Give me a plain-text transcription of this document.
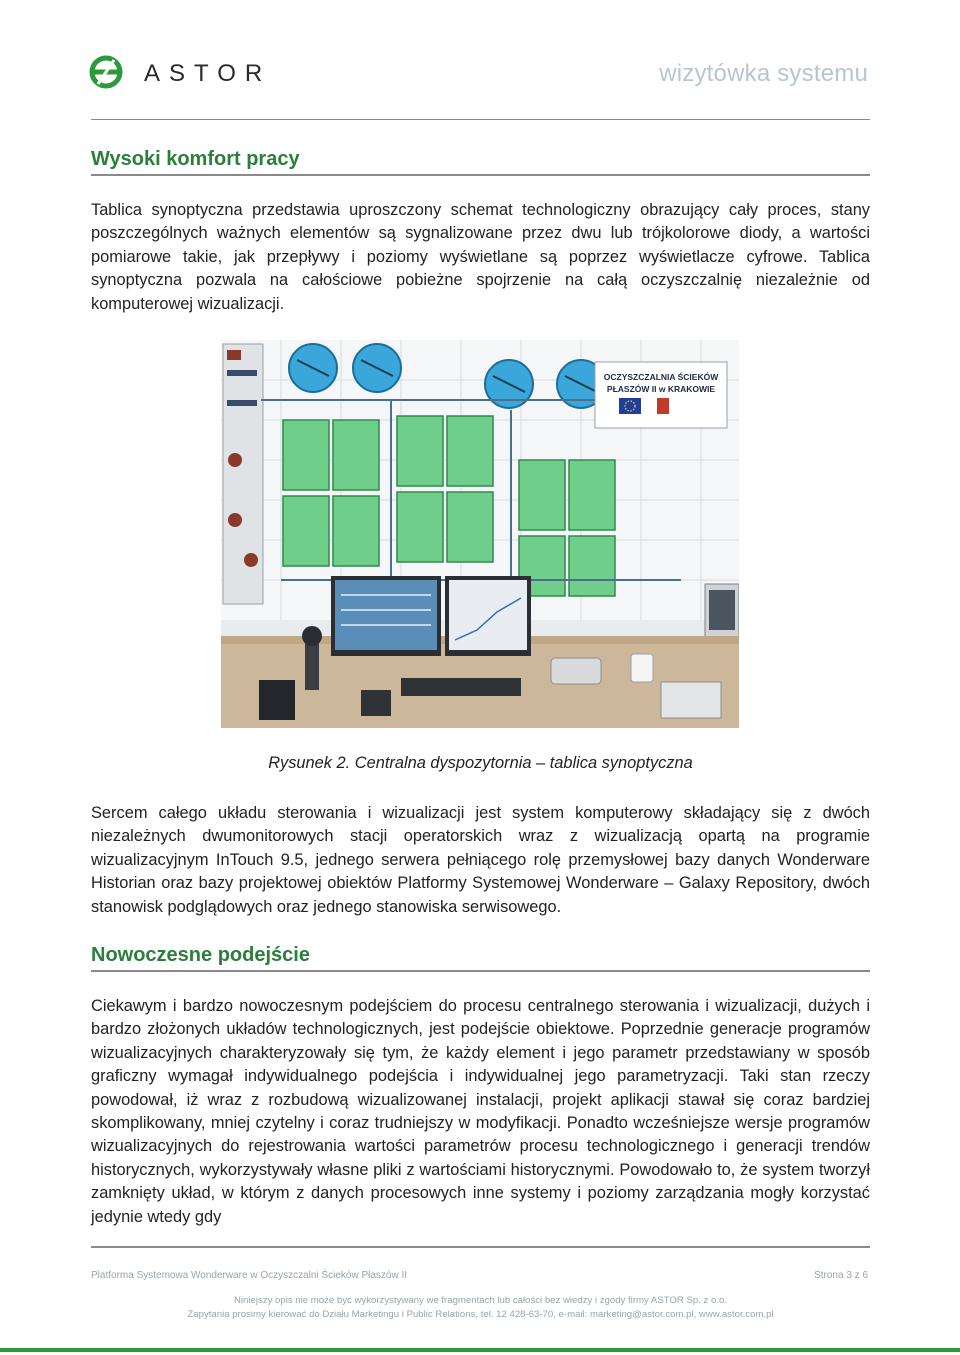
ASTOR	wizytówka systemu
Wysoki komfort pracy

Tablica synoptyczna przedstawia uproszczony schemat technologiczny obrazujący cały proces, stany poszczególnych ważnych elementów są sygnalizowane przez dwu lub trójkolorowe diody, a wartości pomiarowe takie, jak przepływy i poziomy wyświetlane są poprzez wyświetlacze cyfrowe. Tablica synoptyczna pozwala na całościowe pobieżne spojrzenie na całą oczyszczalnię niezależnie od komputerowej wizualizacji.

OCZYSZCZALNIA ŚCIEKÓW
PŁASZÓW II w KRAKOWIE
Rysunek 2. Centralna dyspozytornia – tablica synoptyczna

Sercem całego układu sterowania i wizualizacji jest system komputerowy składający się z dwóch niezależnych dwumonitorowych stacji operatorskich wraz z wizualizacją opartą na programie wizualizacyjnym InTouch 9.5, jednego serwera pełniącego rolę przemysłowej bazy danych Wonderware Historian oraz bazy projektowej obiektów Platformy Systemowej Wonderware – Galaxy Repository, dwóch stanowisk podglądowych oraz jednego stanowiska serwisowego.

Nowoczesne podejście

Ciekawym i bardzo nowoczesnym podejściem do procesu centralnego sterowania i wizualizacji, dużych i bardzo złożonych układów technologicznych, jest podejście obiektowe. Poprzednie generacje programów wizualizacyjnych charakteryzowały się tym, że każdy element i jego parametr przedstawiany w sposób graficzny wymagał indywidualnego podejścia i indywidualnej jego parametryzacji. Taki stan rzeczy powodował, iż wraz z rozbudową wizualizowanej instalacji, projekt aplikacji stawał się coraz bardziej skomplikowany, mniej czytelny i coraz trudniejszy w modyfikacji. Ponadto wcześniejsze wersje programów wizualizacyjnych do rejestrowania wartości parametrów procesu technologicznego i generacji trendów historycznych, wykorzystywały własne pliki z wartościami historycznymi. Powodowało to, że system tworzył zamknięty układ, w którym z danych procesowych inne systemy i poziomy zarządzania mogły korzystać jedynie wtedy gdy

Platforma Systemowa Wonderware w Oczyszczalni Ścieków Płaszów II	Strona 3 z 6
Niniejszy opis nie może być wykorzystywany we fragmentach lub całości bez wiedzy i zgody firmy ASTOR Sp. z o.o.
Zapytania prosimy kierować do Działu Marketingu i Public Relations, tel. 12 428-63-70, e-mail: marketing@astor.com.pl, www.astor.com.pl
